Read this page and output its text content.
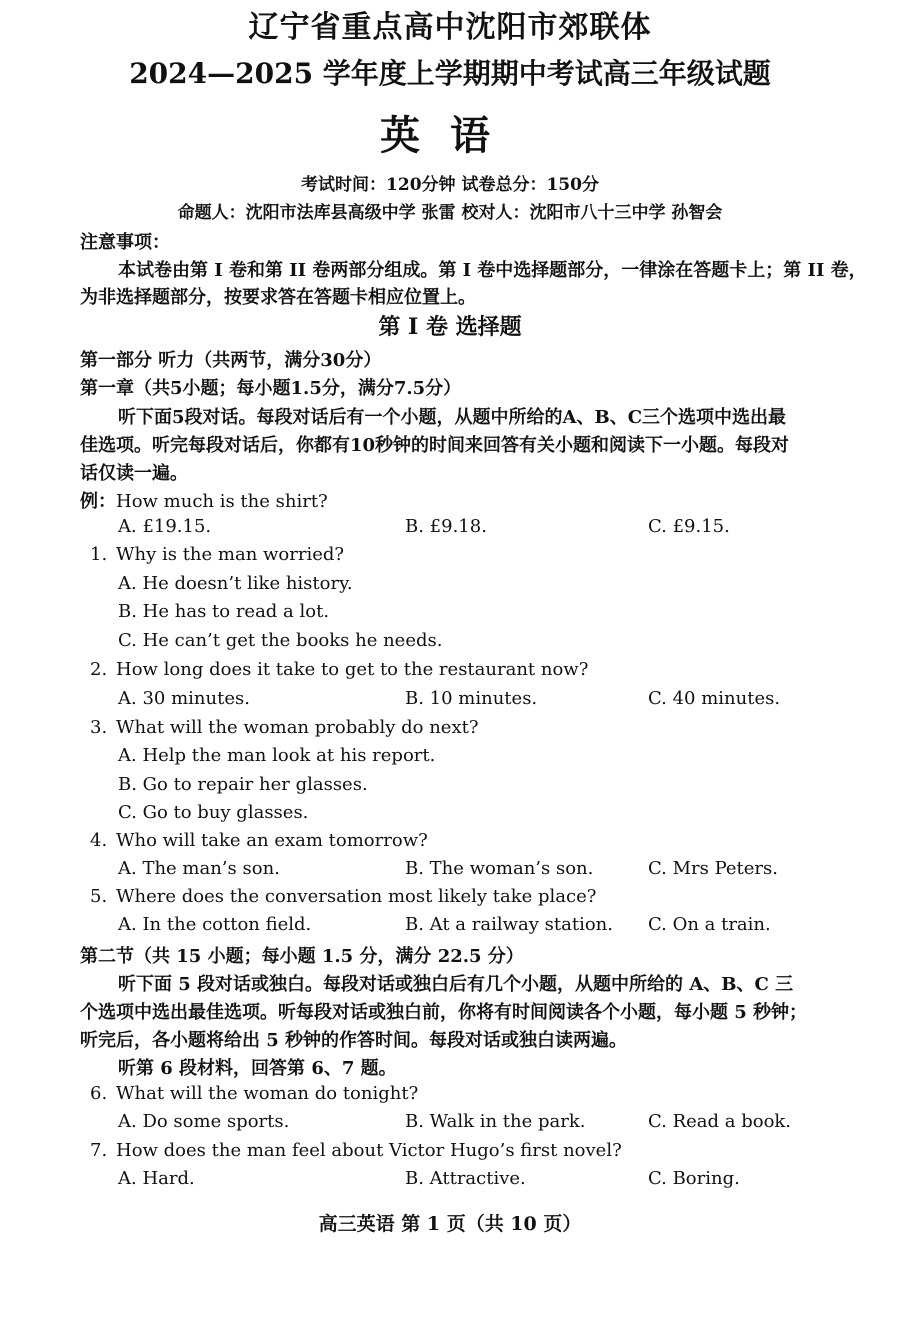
辽宁省重点高中沈阳市郊联体
2024—2025 学年度上学期期中考试高三年级试题
英语
考试时间：120分钟 试卷总分：150分
命题人：沈阳市法库县高级中学 张雷 校对人：沈阳市八十三中学 孙智会
注意事项：
本试卷由第 I 卷和第 II 卷两部分组成。第 I 卷中选择题部分，一律涂在答题卡上；第 II 卷，
为非选择题部分，按要求答在答题卡相应位置上。
第 I 卷 选择题
第一部分 听力（共两节，满分30分）
第一章（共5小题；每小题1.5分，满分7.5分）
听下面5段对话。每段对话后有一个小题，从题中所给的A、B、C三个选项中选出最
佳选项。听完每段对话后，你都有10秒钟的时间来回答有关小题和阅读下一小题。每段对
话仅读一遍。
例：How much is the shirt?
A. £19.15.	B. £9.18.	C. £9.15.
1. Why is the man worried?
A. He doesn’t like history.
B. He has to read a lot.
C. He can’t get the books he needs.
2. How long does it take to get to the restaurant now?
A. 30 minutes.	B. 10 minutes.	C. 40 minutes.
3. What will the woman probably do next?
A. Help the man look at his report.
B. Go to repair her glasses.
C. Go to buy glasses.
4. Who will take an exam tomorrow?
A. The man’s son.	B. The woman’s son.	C. Mrs Peters.
5. Where does the conversation most likely take place?
A. In the cotton field.	B. At a railway station. C. On a train.
第二节（共 15 小题；每小题 1.5 分，满分 22.5 分）
听下面 5 段对话或独白。每段对话或独白后有几个小题，从题中所给的 A、B、C 三
个选项中选出最佳选项。听每段对话或独白前，你将有时间阅读各个小题，每小题 5 秒钟；
听完后，各小题将给出 5 秒钟的作答时间。每段对话或独白读两遍。
听第 6 段材料，回答第 6、7 题。
6. What will the woman do tonight?
A. Do some sports.	B. Walk in the park.	C. Read a book.
7. How does the man feel about Victor Hugo’s first novel?
A. Hard.	B. Attractive.	C. Boring.
高三英语 第 1 页（共 10 页）
